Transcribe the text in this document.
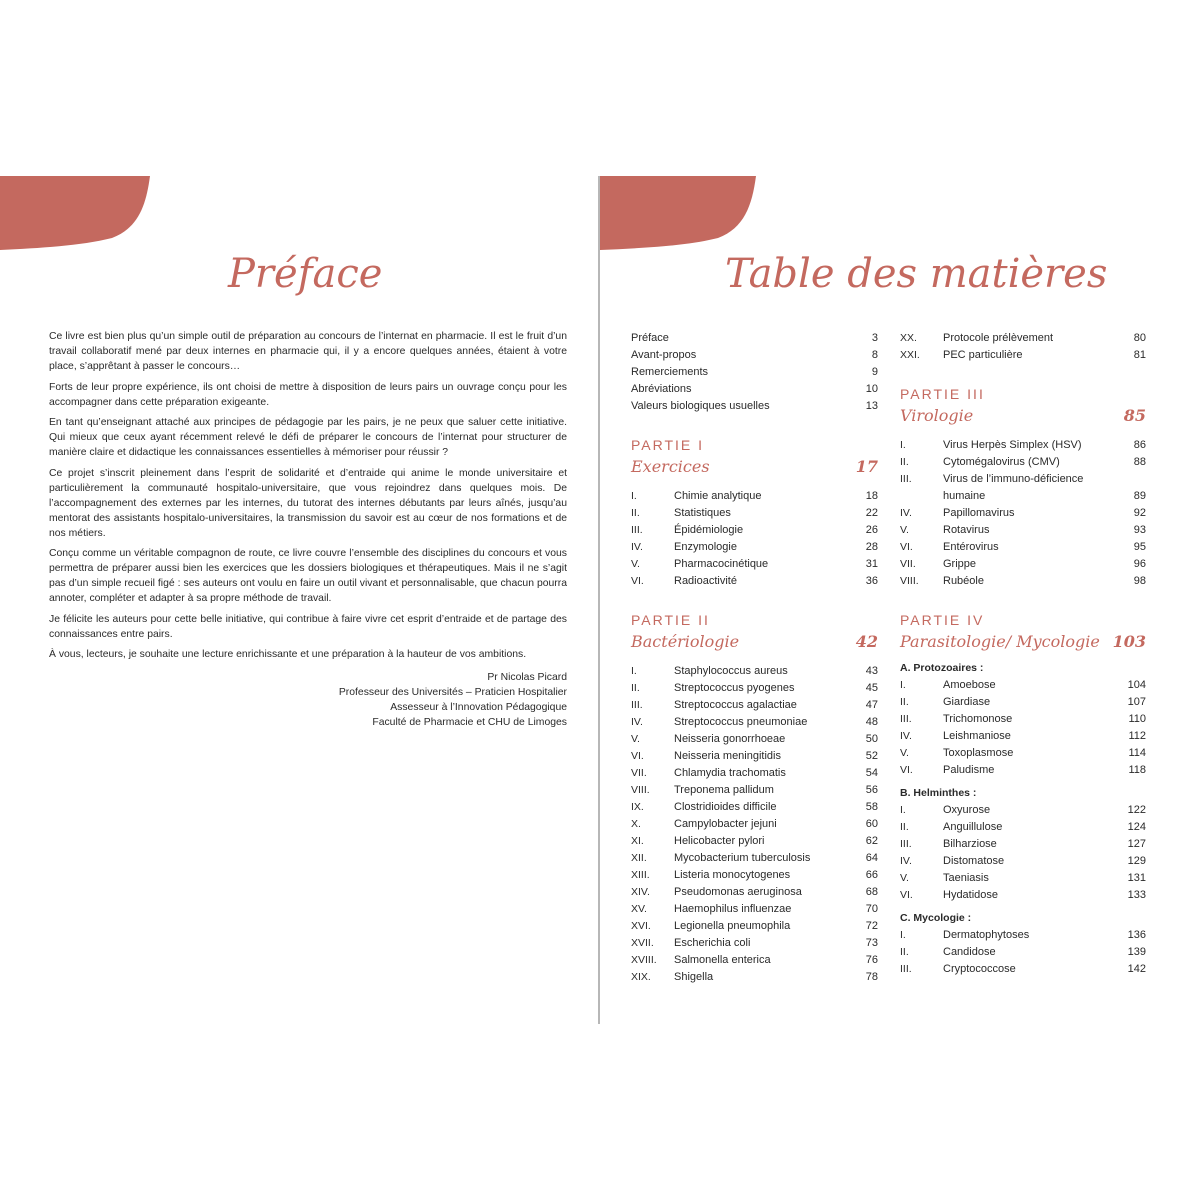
Préface

Ce livre est bien plus qu’un simple outil de préparation au concours de l’internat en pharmacie. Il est le fruit d’un travail collaboratif mené par deux internes en pharmacie qui, il y a encore quelques années, étaient à votre place, s’apprêtant à passer le concours…

Forts de leur propre expérience, ils ont choisi de mettre à disposition de leurs pairs un ouvrage conçu pour les accompagner dans cette préparation exigeante.

En tant qu’enseignant attaché aux principes de pédagogie par les pairs, je ne peux que saluer cette initiative. Qui mieux que ceux ayant récemment relevé le défi de préparer le concours de l’internat pour structurer de manière claire et didactique les connaissances essentielles à mémoriser pour réussir ?

Ce projet s’inscrit pleinement dans l’esprit de solidarité et d’entraide qui anime le monde universitaire et particulièrement la communauté hospitalo-universitaire, que vous rejoindrez dans quelques mois. De l’accompagnement des externes par les internes, du tutorat des internes débutants par leurs aînés, jusqu’au mentorat des assistants hospitalo-universitaires, la transmission du savoir est au cœur de nos formations et de nos métiers.

Conçu comme un véritable compagnon de route, ce livre couvre l’ensemble des disciplines du concours et vous permettra de préparer aussi bien les exercices que les dossiers biologiques et thérapeutiques. Mais il ne s’agit pas d’un simple recueil figé : ses auteurs ont voulu en faire un outil vivant et personnalisable, que chacun pourra annoter, compléter et adapter à sa propre méthode de travail.

Je félicite les auteurs pour cette belle initiative, qui contribue à faire vivre cet esprit d’entraide et de partage des connaissances entre pairs.

À vous, lecteurs, je souhaite une lecture enrichissante et une préparation à la hauteur de vos ambitions.

Pr Nicolas Picard
Professeur des Universités – Praticien Hospitalier
Assesseur à l’Innovation Pédagogique
Faculté de Pharmacie et CHU de Limoges
3
Table des matières
Préface	3
Avant-propos	8
Remerciements	9
Abréviations	10
Valeurs biologiques usuelles	13
PARTIE I
Exercices	17
I.	Chimie analytique	18
II.	Statistiques	22
III.	Épidémiologie	26
IV.	Enzymologie	28
V.	Pharmacocinétique	31
VI.	Radioactivité	36
PARTIE II
Bactériologie	42
I.	Staphylococcus aureus	43
II.	Streptococcus pyogenes	45
III.	Streptococcus agalactiae	47
IV.	Streptococcus pneumoniae	48
V.	Neisseria gonorrhoeae	50
VI.	Neisseria meningitidis	52
VII.	Chlamydia trachomatis	54
VIII.	Treponema pallidum	56
IX.	Clostridioides difficile	58
X.	Campylobacter jejuni	60
XI.	Helicobacter pylori	62
XII.	Mycobacterium tuberculosis	64
XIII.	Listeria monocytogenes	66
XIV.	Pseudomonas aeruginosa	68
XV.	Haemophilus influenzae	70
XVI.	Legionella pneumophila	72
XVII.	Escherichia coli	73
XVIII.	Salmonella enterica	76
XIX.	Shigella	78
XX.	Protocole prélèvement	80
XXI.	PEC particulière	81
PARTIE III
Virologie	85
I.	Virus Herpès Simplex (HSV)	86
II.	Cytomégalovirus (CMV)	88
III.	Virus de l’immuno-déficience
humaine	89
IV.	Papillomavirus	92
V.	Rotavirus	93
VI.	Entérovirus	95
VII.	Grippe	96
VIII.	Rubéole	98
PARTIE IV
Parasitologie/ Mycologie 103
A. Protozoaires :
I.	Amoebose	104
II.	Giardiase	107
III.	Trichomonose	110
IV.	Leishmaniose	112
V.	Toxoplasmose	114
VI.	Paludisme	118
B. Helminthes :
I.	Oxyurose	122
II.	Anguillulose	124
III.	Bilharziose	127
IV.	Distomatose	129
V.	Taeniasis	131
VI.	Hydatidose	133
C. Mycologie :
I.	Dermatophytoses	136
II.	Candidose	139
III.	Cryptococcose	142
4
